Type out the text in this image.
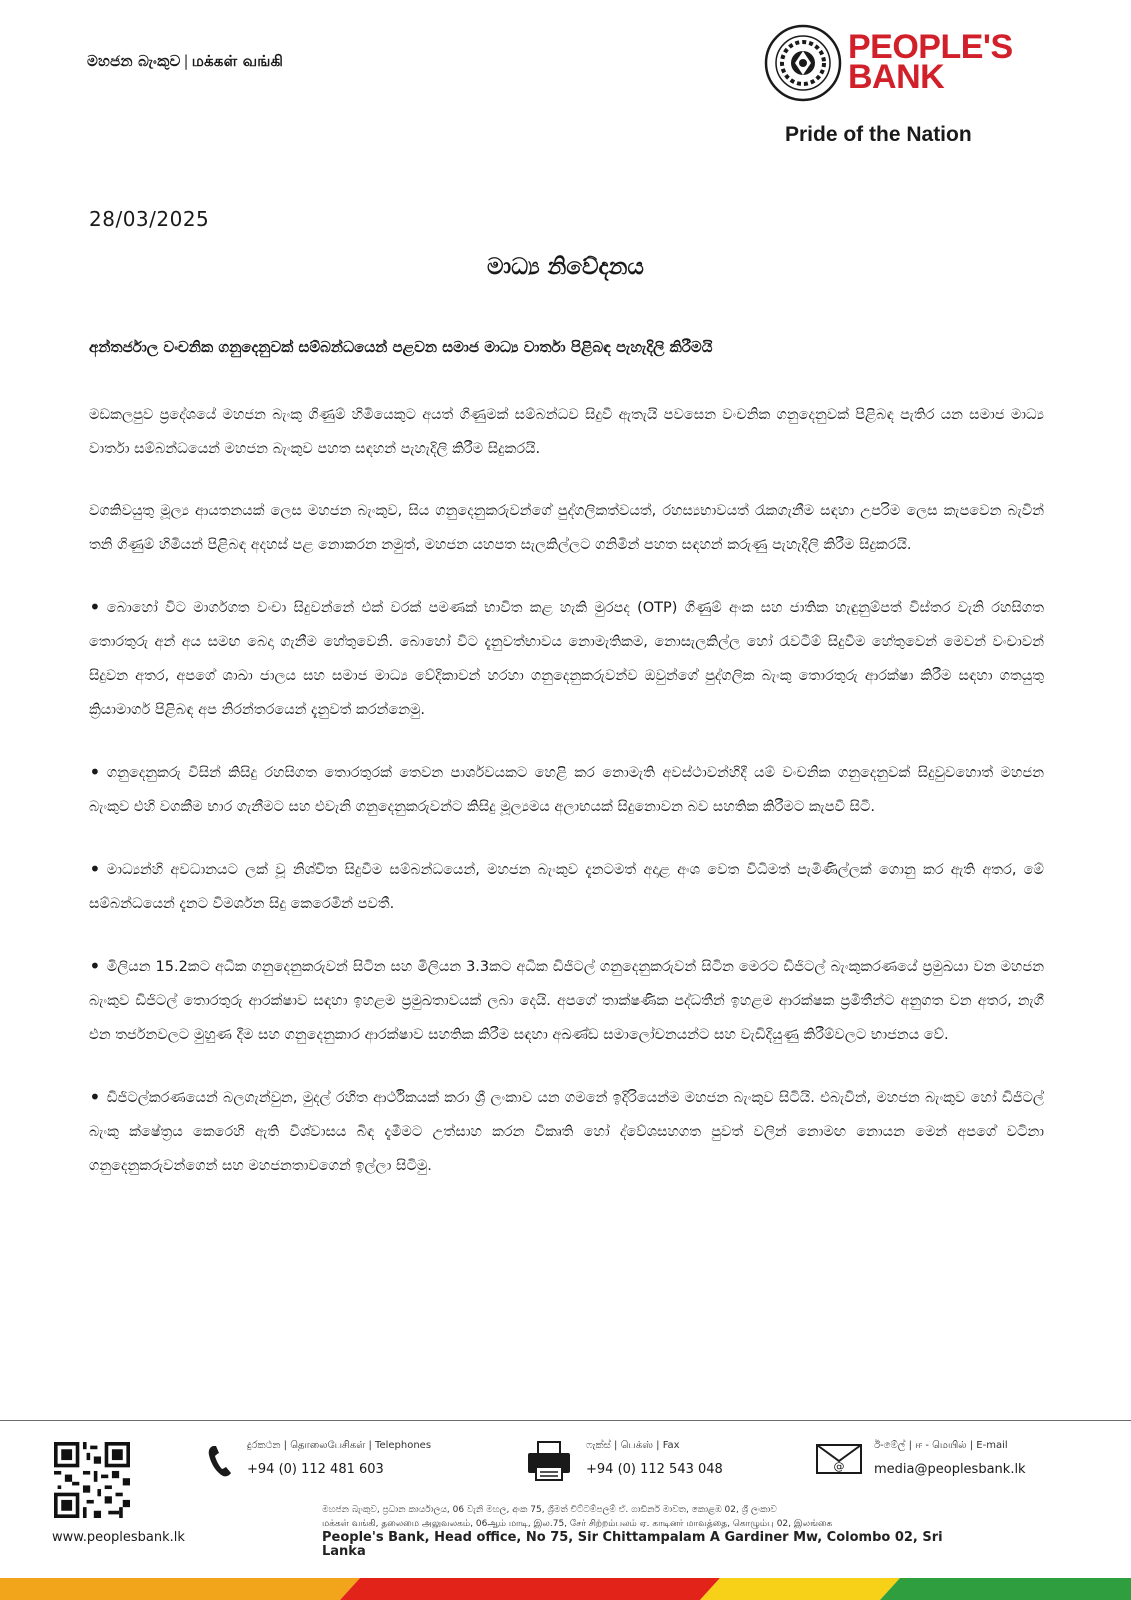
මහජන බැංකුව | மக்கள் வங்கி	PEOPLE'S
BANK
Pride of the Nation
28/03/2025
මාධ්‍ය නිවේදනය
අන්තර්ජාල වංචනික ගනුදෙනුවක් සම්බන්ධයෙන් පළවන සමාජ මාධ්‍ය වාර්තා පිළිබඳ පැහැදිලි කිරීමයි

මඩකලපුව ප්‍රදේශයේ මහජන බැංකු ගිණුම් හිමියෙකුට අයත් ගිණුමක් සම්බන්ධව සිදුවී ඇතැයි පවසෙන වංචනික ගනුදෙනුවක් පිළිබඳ පැතිර යන සමාජ මාධ්‍ය වාර්තා සම්බන්ධයෙන් මහජන බැංකුව පහත සඳහන් පැහැදිලි කිරීම සිදුකරයි.

වගකිවයුතු මූල්‍ය ආයතනයක් ලෙස මහජන බැංකුව, සිය ගනුදෙනුකරුවන්ගේ පුද්ගලිකත්වයත්, රහස්‍යභාවයත් රැකගැනීම සඳහා උපරිම ලෙස කැපවෙන බැවින් තනි ගිණුම් හිමියන් පිළිබඳ අදහස් පළ නොකරන නමුත්, මහජන යහපත සැලකිල්ලට ගනිමින් පහත සඳහන් කරුණු පැහැදිලි කිරීම සිදුකරයි.

• බොහෝ විට මාර්ගගත වංචා සිදුවන්නේ එක් වරක් පමණක් භාවිත කළ හැකි මුරපද (OTP) ගිණුම් අංක සහ ජාතික හැඳුනුම්පත් විස්තර වැනි රහසිගත තොරතුරු අන් අය සමඟ බෙදා ගැනීම හේතුවෙනි. බොහෝ විට දැනුවත්භාවය නොමැතිකම, නොසැලකිල්ල හෝ රැවටීම් සිදුවීම හේතුවෙන් මෙවන් වංචාවන් සිදුවන අතර, අපගේ ශාඛා ජාලය සහ සමාජ මාධ්‍ය වේදිකාවන් හරහා ගනුදෙනුකරුවන්ව ඔවුන්ගේ පුද්ගලික බැංකු තොරතුරු ආරක්ෂා කිරීම සඳහා ගතයුතු ක්‍රියාමාර්ග පිළිබඳ අප නිරන්තරයෙන් දැනුවත් කරන්නෙමු.

• ගනුදෙනුකරු විසින් කිසිදු රහසිගත තොරතුරක් තෙවන පාර්ශවයකට හෙළි කර නොමැති අවස්ථාවන්හිදී යම් වංචනික ගනුදෙනුවක් සිදුවුවහොත් මහජන බැංකුව එහි වගකීම භාර ගැනීමට සහ එවැනි ගනුදෙනුකරුවන්ට කිසිදු මූල්‍යමය අලාභයක් සිදුනොවන බව සහතික කිරීමට කැපවී සිටී.

• මාධ්‍යන්හි අවධානයට ලක් වූ නිශ්චිත සිදුවීම සම්බන්ධයෙන්, මහජන බැංකුව දැනටමත් අදාළ අංශ වෙත විධිමත් පැමිණිල්ලක් ගොනු කර ඇති අතර, මේ සම්බන්ධයෙන් දැනට විමර්ශන සිදු කෙරෙමින් පවතී.

• මිලියන 15.2කට අධික ගනුදෙනුකරුවන් සිටින සහ මිලියන 3.3කට අධික ඩිජිටල් ගනුදෙනුකරුවන් සිටින මෙරට ඩිජිටල් බැංකුකරණයේ ප්‍රමුඛයා වන මහජන බැංකුව ඩිජිටල් තොරතුරු ආරක්ෂාව සඳහා ඉහළම ප්‍රමුඛතාවයක් ලබා දෙයි. අපගේ තාක්ෂණික පද්ධතීන් ඉහළම ආරක්ෂක ප්‍රමිතීන්ට අනුගත වන අතර, නැගී එන තර්ජනවලට මුහුණ දීම සහ ගනුදෙනුකාර ආරක්ෂාව සහතික කිරීම සඳහා අඛණ්ඩ සමාලෝචනයන්ට සහ වැඩිදියුණු කිරීම්වලට භාජනය වේ.

• ඩිජිටල්කරණයෙන් බලගැන්වුන, මුදල් රහිත ආර්ථිකයක් කරා ශ්‍රී ලංකාව යන ගමනේ ඉදිරියෙන්ම මහජන බැංකුව සිටියි. එබැවින්, මහජන බැංකුව හෝ ඩිජිටල් බැංකු ක්ෂේත්‍රය කෙරෙහි ඇති විශ්වාසය බිඳ දැමීමට උත්සාහ කරන විකෘති හෝ ද්වේශසහගත පුවත් වලින් නොමඟ නොයන මෙන් අපගේ වටිනා ගනුදෙනුකරුවන්ගෙන් සහ මහජනතාවගෙන් ඉල්ලා සිටිමු.

www.peoplesbank.lk
දුරකථන | தொலைபேசிகள் | Telephones
+94 (0) 112 481 603
ෆැක්ස් | பெக்ஸ் | Fax
+94 (0) 112 543 048	@
ඊ-මේල් | ஈ - மெயில் | E-mail
media@peoplesbank.lk
මහජන බැංකුව, ප්‍රධාන කාර්යාලය, 06 වැනි මහල, අංක 75, ශ්‍රීමත් චිට්ටම්පලම් ඒ. ගාඩිනර් මාවත, කොළඹ 02, ශ්‍රී ලංකාව
மக்கள் வங்கி, தலைமை அலுவலகம், 06ஆம் மாடி, இல.75, சேர் சிற்றம்பலம் ஏ. காடினர் மாவத்தை, கொழும்பு 02, இலங்கை
People's Bank, Head office, No 75, Sir Chittampalam A Gardiner Mw, Colombo 02, Sri Lanka
